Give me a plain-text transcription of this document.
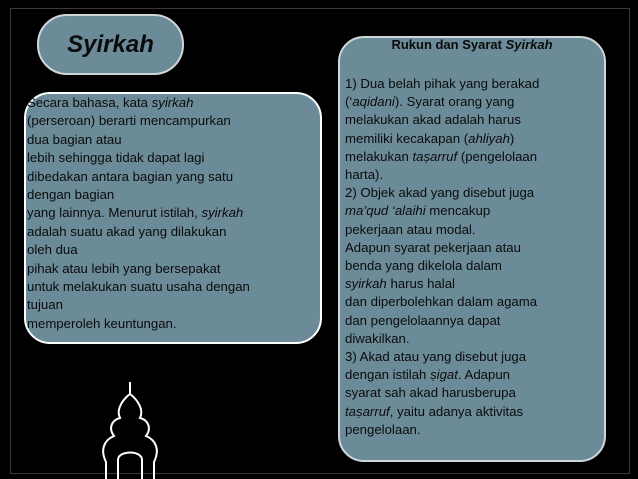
Syirkah
Secara bahasa, kata syirkah
(perseroan) berarti mencampurkan
dua bagian atau
lebih sehingga tidak dapat lagi
dibedakan antara bagian yang satu
dengan bagian
yang lainnya. Menurut istilah, syirkah
adalah suatu akad yang dilakukan
oleh dua
pihak atau lebih yang bersepakat
untuk melakukan suatu usaha dengan
tujuan
memperoleh keuntungan.
Rukun dan Syarat Syirkah
1) Dua belah pihak yang berakad
(‘aqidani). Syarat orang yang
melakukan akad adalah harus
memiliki kecakapan (ahliyah)
melakukan taṣarruf (pengelolaan
harta).
2) Objek akad yang disebut juga
ma’qud ‘alaihi mencakup
pekerjaan atau modal.
Adapun syarat pekerjaan atau
benda yang dikelola dalam
syirkah harus halal
dan diperbolehkan dalam agama
dan pengelolaannya dapat
diwakilkan.
3) Akad atau yang disebut juga
dengan istilah ṣigat. Adapun
syarat sah akad harusberupa
taṣarruf, yaitu adanya aktivitas
pengelolaan.
